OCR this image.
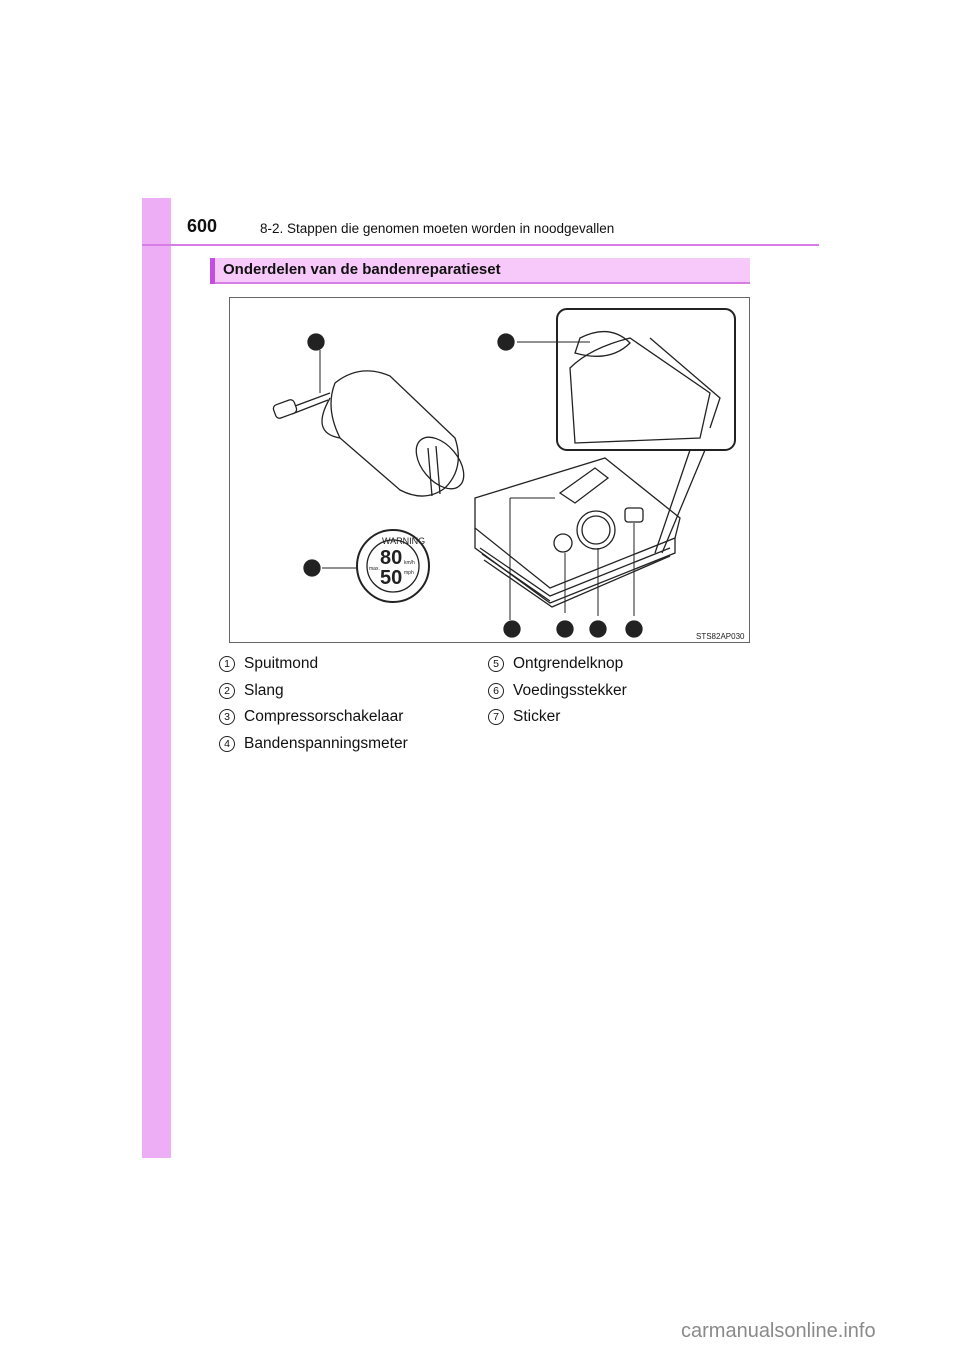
600	8-2. Stappen die genomen moeten worden in noodgevallen
Onderdelen van de bandenreparatieset
WARNING
80
50
max.
km/h
mph
1	2
3
4
5
6
7
STS82AP030
1 Spuitmond
2 Slang
3 Compressorschakelaar
4 Bandenspanningsmeter
5 Ontgrendelknop
6 Voedingsstekker
7 Sticker
carmanualsonline.info
